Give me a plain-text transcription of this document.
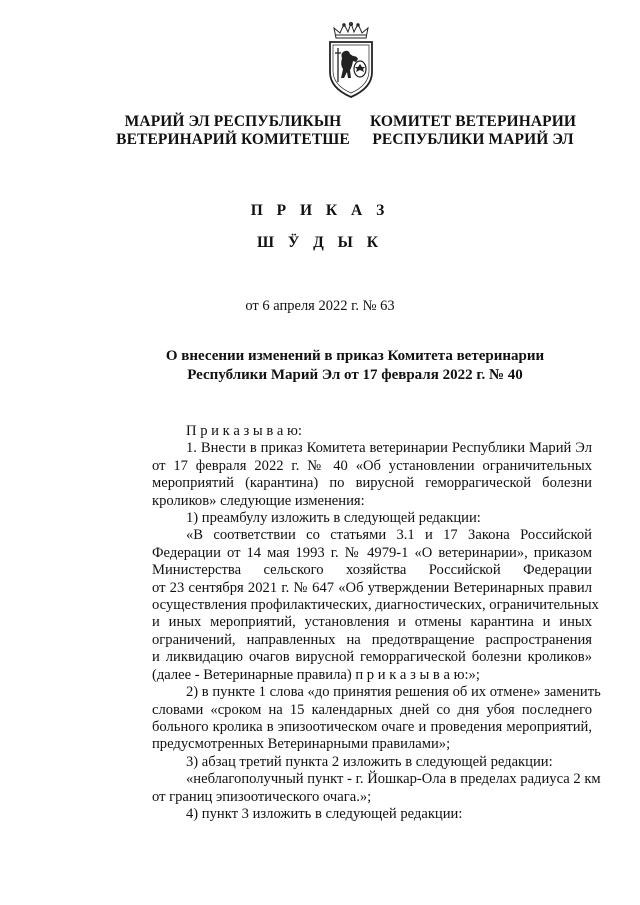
МАРИЙ ЭЛ РЕСПУБЛИКЫН
ВЕТЕРИНАРИЙ КОМИТЕТШЕ
КОМИТЕТ ВЕТЕРИНАРИИ
РЕСПУБЛИКИ МАРИЙ ЭЛ
П Р И К А З
Ш Ӱ Д Ы К
от 6 апреля 2022 г. № 63
О внесении изменений в приказ Комитета ветеринарии
Республики Марий Эл от 17 февраля 2022 г. № 40

П р и к а з ы в а ю:

1. Внести в приказ Комитета ветеринарии Республики Марий Эл
от 17 февраля 2022 г. № 40 «Об установлении ограничительных
мероприятий (карантина) по вирусной геморрагической болезни
кроликов» следующие изменения:

1) преамбулу изложить в следующей редакции:

«В соответствии со статьями 3.1 и 17 Закона Российской
Федерации от 14 мая 1993 г. № 4979-1 «О ветеринарии», приказом
Министерства сельского хозяйства Российской Федерации
от 23 сентября 2021 г. № 647 «Об утверждении Ветеринарных правил
осуществления профилактических, диагностических, ограничительных
и иных мероприятий, установления и отмены карантина и иных
ограничений, направленных на предотвращение распространения
и ликвидацию очагов вирусной геморрагической болезни кроликов»
(далее - Ветеринарные правила) п р и к а з ы в а ю:»;

2) в пункте 1 слова «до принятия решения об их отмене» заменить
словами «сроком на 15 календарных дней со дня убоя последнего
больного кролика в эпизоотическом очаге и проведения мероприятий,
предусмотренных Ветеринарными правилами»;

3) абзац третий пункта 2 изложить в следующей редакции:

«неблагополучный пункт - г. Йошкар-Ола в пределах радиуса 2 км
от границ эпизоотического очага.»;

4) пункт 3 изложить в следующей редакции:
